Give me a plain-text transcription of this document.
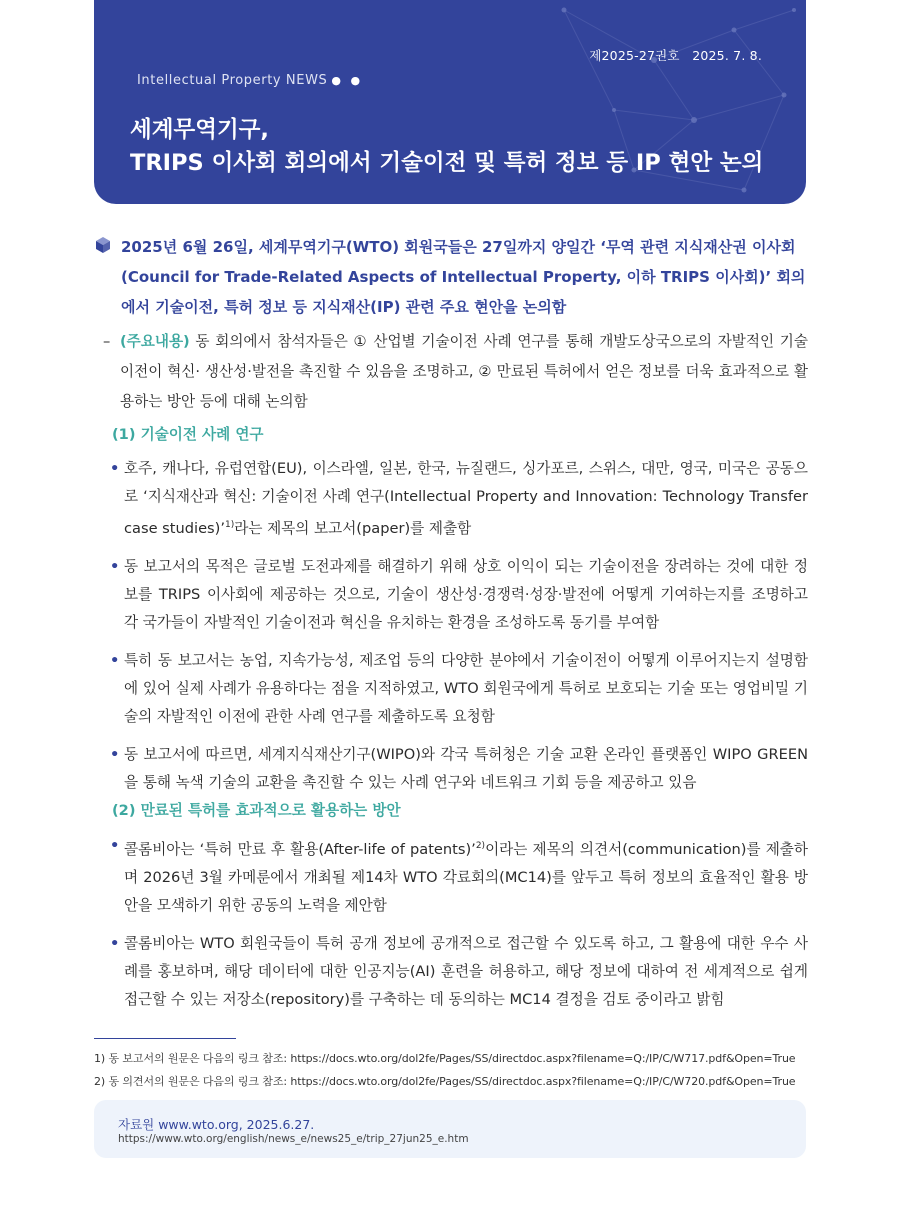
제2025-27권호   2025. 7. 8.
Intellectual Property NEWS ● ●
세계무역기구,
TRIPS 이사회 회의에서 기술이전 및 특허 정보 등 IP 현안 논의
2025년 6월 26일, 세계무역기구(WTO) 회원국들은 27일까지 양일간 ‘무역 관련 지식재산권 이사회(Council for Trade-Related Aspects of Intellectual Property, 이하 TRIPS 이사회)’ 회의에서 기술이전, 특허 정보 등 지식재산(IP) 관련 주요 현안을 논의함
– (주요내용) 동 회의에서 참석자들은 ① 산업별 기술이전 사례 연구를 통해 개발도상국으로의 자발적인 기술이전이 혁신· 생산성·발전을 촉진할 수 있음을 조명하고, ② 만료된 특허에서 얻은 정보를 더욱 효과적으로 활용하는 방안 등에 대해 논의함
(1) 기술이전 사례 연구
• 호주, 캐나다, 유럽연합(EU), 이스라엘, 일본, 한국, 뉴질랜드, 싱가포르, 스위스, 대만, 영국, 미국은 공동으로 ‘지식재산과 혁신: 기술이전 사례 연구(Intellectual Property and Innovation: Technology Transfer case studies)’$^{1)}$라는 제목의 보고서(paper)를 제출함
• 동 보고서의 목적은 글로벌 도전과제를 해결하기 위해 상호 이익이 되는 기술이전을 장려하는 것에 대한 정보를 TRIPS 이사회에 제공하는 것으로, 기술이 생산성·경쟁력·성장·발전에 어떻게 기여하는지를 조명하고 각 국가들이 자발적인 기술이전과 혁신을 유치하는 환경을 조성하도록 동기를 부여함
• 특히 동 보고서는 농업, 지속가능성, 제조업 등의 다양한 분야에서 기술이전이 어떻게 이루어지는지 설명함에 있어 실제 사례가 유용하다는 점을 지적하였고, WTO 회원국에게 특허로 보호되는 기술 또는 영업비밀 기술의 자발적인 이전에 관한 사례 연구를 제출하도록 요청함
• 동 보고서에 따르면, 세계지식재산기구(WIPO)와 각국 특허청은 기술 교환 온라인 플랫폼인 WIPO GREEN을 통해 녹색 기술의 교환을 촉진할 수 있는 사례 연구와 네트워크 기회 등을 제공하고 있음
(2) 만료된 특허를 효과적으로 활용하는 방안
• 콜롬비아는 ‘특허 만료 후 활용(After-life of patents)’$^{2)}$이라는 제목의 의견서(communication)를 제출하며 2026년 3월 카메룬에서 개최될 제14차 WTO 각료회의(MC14)를 앞두고 특허 정보의 효율적인 활용 방안을 모색하기 위한 공동의 노력을 제안함
• 콜롬비아는 WTO 회원국들이 특허 공개 정보에 공개적으로 접근할 수 있도록 하고, 그 활용에 대한 우수 사례를 홍보하며, 해당 데이터에 대한 인공지능(AI) 훈련을 허용하고, 해당 정보에 대하여 전 세계적으로 쉽게 접근할 수 있는 저장소(repository)를 구축하는 데 동의하는 MC14 결정을 검토 중이라고 밝힘
1) 동 보고서의 원문은 다음의 링크 참조: https://docs.wto.org/dol2fe/Pages/SS/directdoc.aspx?filename=Q:/IP/C/W717.pdf&Open=True
2) 동 의견서의 원문은 다음의 링크 참조: https://docs.wto.org/dol2fe/Pages/SS/directdoc.aspx?filename=Q:/IP/C/W720.pdf&Open=True
자료원 www.wto.org, 2025.6.27.
https://www.wto.org/english/news_e/news25_e/trip_27jun25_e.htm
